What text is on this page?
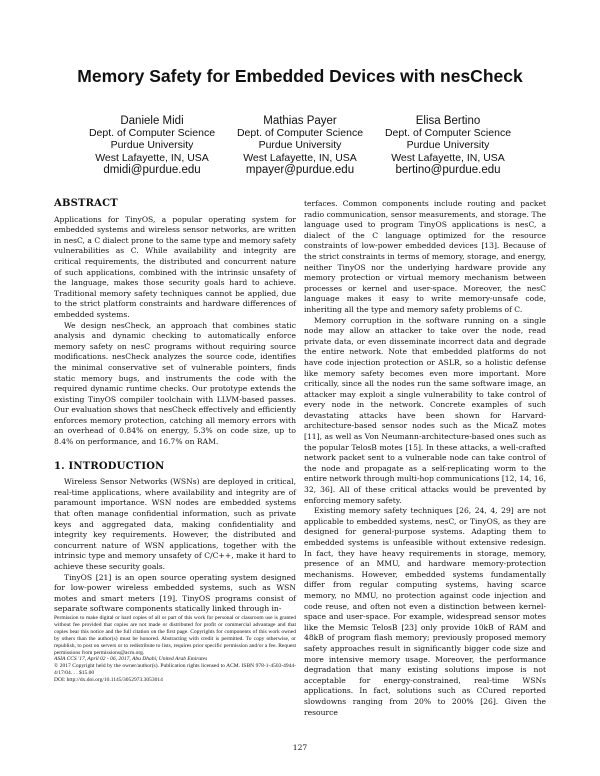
Memory Safety for Embedded Devices with nesCheck
Daniele Midi
Dept. of Computer Science
Purdue University
West Lafayette, IN, USA
dmidi@purdue.edu
Mathias Payer
Dept. of Computer Science
Purdue University
West Lafayette, IN, USA
mpayer@purdue.edu
Elisa Bertino
Dept. of Computer Science
Purdue University
West Lafayette, IN, USA
bertino@purdue.edu
ABSTRACT

Applications for TinyOS, a popular operating system for embedded systems and wireless sensor networks, are written in nesC, a C dialect prone to the same type and memory safety vulnerabilities as C. While availability and integrity are critical requirements, the distributed and concurrent nature of such applications, combined with the intrinsic unsafety of the language, makes those security goals hard to achieve. Traditional memory safety techniques cannot be applied, due to the strict platform constraints and hardware differences of embedded systems.

We design nesCheck, an approach that combines static analysis and dynamic checking to automatically enforce memory safety on nesC programs without requiring source modifications. nesCheck analyzes the source code, identifies the minimal conservative set of vulnerable pointers, finds static memory bugs, and instruments the code with the required dynamic runtime checks. Our prototype extends the existing TinyOS compiler toolchain with LLVM-based passes. Our evaluation shows that nesCheck effectively and efficiently enforces memory protection, catching all memory errors with an overhead of 0.84% on energy, 5.3% on code size, up to 8.4% on performance, and 16.7% on RAM.

1. INTRODUCTION

Wireless Sensor Networks (WSNs) are deployed in critical, real-time applications, where availability and integrity are of paramount importance. WSN nodes are embedded systems that often manage confidential information, such as private keys and aggregated data, making confidentiality and integrity key requirements. However, the distributed and concurrent nature of WSN applications, together with the intrinsic type and memory unsafety of C/C++, make it hard to achieve these security goals.

TinyOS [21] is an open source operating system designed for low-power wireless embedded systems, such as WSN motes and smart meters [19]. TinyOS programs consist of separate software components statically linked through in-

Permission to make digital or hard copies of all or part of this work for personal or classroom use is granted without fee provided that copies are not made or distributed for profit or commercial advantage and that copies bear this notice and the full citation on the first page. Copyrights for components of this work owned by others than the author(s) must be honored. Abstracting with credit is permitted. To copy otherwise, or republish, to post on servers or to redistribute to lists, requires prior specific permission and/or a fee. Request permissions from permissions@acm.org.
ASIA CCS '17, April 02 - 06, 2017, Abu Dhabi, United Arab Emirates
© 2017 Copyright held by the owner/author(s). Publication rights licensed to ACM. ISBN 978-1-4503-4944-4/17/04. . . $15.00
DOI: http://dx.doi.org/10.1145/3052973.3053014

terfaces. Common components include routing and packet radio communication, sensor measurements, and storage. The language used to program TinyOS applications is nesC, a dialect of the C language optimized for the resource constraints of low-power embedded devices [13]. Because of the strict constraints in terms of memory, storage, and energy, neither TinyOS nor the underlying hardware provide any memory protection or virtual memory mechanism between processes or kernel and user-space. Moreover, the nesC language makes it easy to write memory-unsafe code, inheriting all the type and memory safety problems of C.

Memory corruption in the software running on a single node may allow an attacker to take over the node, read private data, or even disseminate incorrect data and degrade the entire network. Note that embedded platforms do not have code injection protection or ASLR, so a holistic defense like memory safety becomes even more important. More critically, since all the nodes run the same software image, an attacker may exploit a single vulnerability to take control of every node in the network. Concrete examples of such devastating attacks have been shown for Harvard-architecture-based sensor nodes such as the MicaZ motes [11], as well as Von Neumann-architecture-based ones such as the popular TelosB motes [15]. In these attacks, a well-crafted network packet sent to a vulnerable node can take control of the node and propagate as a self-replicating worm to the entire network through multi-hop communications [12, 14, 16, 32, 36]. All of these critical attacks would be prevented by enforcing memory safety.

Existing memory safety techniques [26, 24, 4, 29] are not applicable to embedded systems, nesC, or TinyOS, as they are designed for general-purpose systems. Adapting them to embedded systems is unfeasible without extensive redesign. In fact, they have heavy requirements in storage, memory, presence of an MMU, and hardware memory-protection mechanisms. However, embedded systems fundamentally differ from regular computing systems, having scarce memory, no MMU, no protection against code injection and code reuse, and often not even a distinction between kernel-space and user-space. For example, widespread sensor motes like the Memsic TelosB [23] only provide 10kB of RAM and 48kB of program flash memory; previously proposed memory safety approaches result in significantly bigger code size and more intensive memory usage. Moreover, the performance degradation that many existing solutions impose is not acceptable for energy-constrained, real-time WSNs applications. In fact, solutions such as CCured reported slowdowns ranging from 20% to 200% [26]. Given the resource

127
